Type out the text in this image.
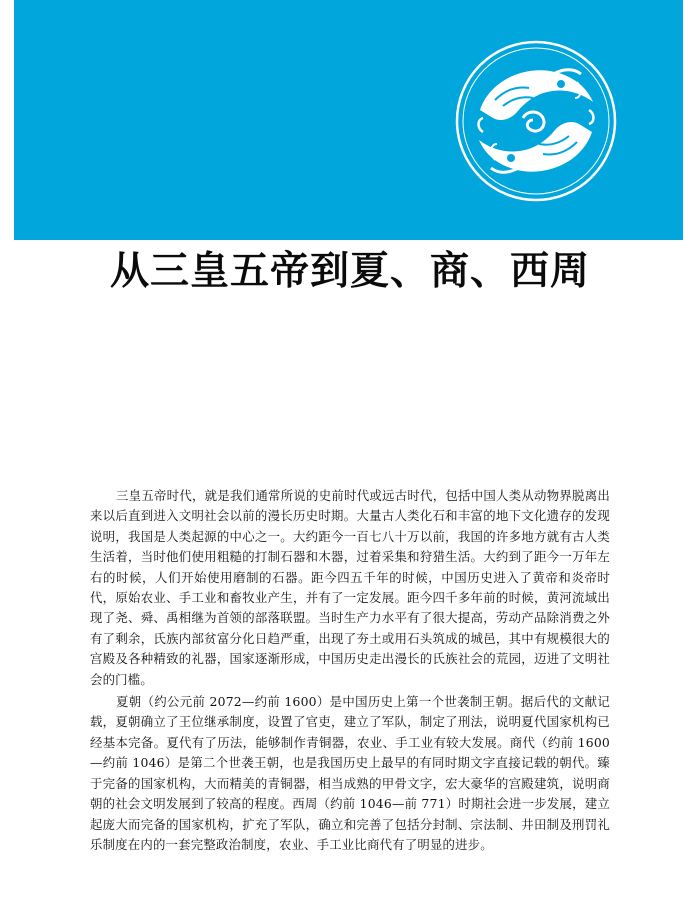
从三皇五帝到夏、商、西周

三皇五帝时代，就是我们通常所说的史前时代或远古时代，包括中国人类从动物界脱离出来以后直到进入文明社会以前的漫长历史时期。大量古人类化石和丰富的地下文化遗存的发现说明，我国是人类起源的中心之一。大约距今一百七八十万以前，我国的许多地方就有古人类生活着，当时他们使用粗糙的打制石器和木器，过着采集和狩猎生活。大约到了距今一万年左右的时候，人们开始使用磨制的石器。距今四五千年的时候，中国历史进入了黄帝和炎帝时代，原始农业、手工业和畜牧业产生，并有了一定发展。距今四千多年前的时候，黄河流域出现了尧、舜、禹相继为首领的部落联盟。当时生产力水平有了很大提高，劳动产品除消费之外有了剩余，氏族内部贫富分化日趋严重，出现了夯土或用石头筑成的城邑，其中有规模很大的宫殿及各种精致的礼器，国家逐渐形成，中国历史走出漫长的氏族社会的荒园，迈进了文明社会的门槛。

夏朝（约公元前 2072—约前 1600）是中国历史上第一个世袭制王朝。据后代的文献记载，夏朝确立了王位继承制度，设置了官吏，建立了军队，制定了刑法，说明夏代国家机构已经基本完备。夏代有了历法，能够制作青铜器，农业、手工业有较大发展。商代（约前 1600—约前 1046）是第二个世袭王朝，也是我国历史上最早的有同时期文字直接记载的朝代。臻于完备的国家机构，大而精美的青铜器，相当成熟的甲骨文字，宏大豪华的宫殿建筑，说明商朝的社会文明发展到了较高的程度。西周（约前 1046—前 771）时期社会进一步发展，建立起庞大而完备的国家机构，扩充了军队，确立和完善了包括分封制、宗法制、井田制及刑罚礼乐制度在内的一套完整政治制度，农业、手工业比商代有了明显的进步。
